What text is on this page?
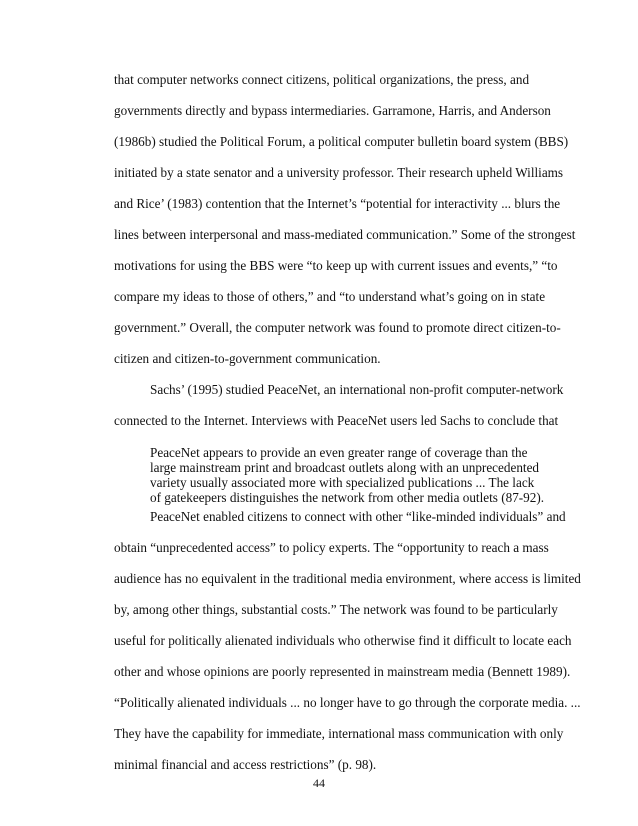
that computer networks connect citizens, political organizations, the press, and
governments directly and bypass intermediaries. Garramone, Harris, and Anderson
(1986b) studied the Political Forum, a political computer bulletin board system (BBS)
initiated by a state senator and a university professor. Their research upheld Williams
and Rice’ (1983) contention that the Internet’s “potential for interactivity ... blurs the
lines between interpersonal and mass-mediated communication.” Some of the strongest
motivations for using the BBS were “to keep up with current issues and events,” “to
compare my ideas to those of others,” and “to understand what’s going on in state
government.” Overall, the computer network was found to promote direct citizen-to-
citizen and citizen-to-government communication.
Sachs’ (1995) studied PeaceNet, an international non-profit computer-network
connected to the Internet. Interviews with PeaceNet users led Sachs to conclude that
PeaceNet appears to provide an even greater range of coverage than the
large mainstream print and broadcast outlets along with an unprecedented
variety usually associated more with specialized publications ... The lack
of gatekeepers distinguishes the network from other media outlets (87-92).
PeaceNet enabled citizens to connect with other “like-minded individuals” and
obtain “unprecedented access” to policy experts. The “opportunity to reach a mass
audience has no equivalent in the traditional media environment, where access is limited
by, among other things, substantial costs.” The network was found to be particularly
useful for politically alienated individuals who otherwise find it difficult to locate each
other and whose opinions are poorly represented in mainstream media (Bennett 1989).
“Politically alienated individuals ... no longer have to go through the corporate media. ...
They have the capability for immediate, international mass communication with only
minimal financial and access restrictions” (p. 98).
44
